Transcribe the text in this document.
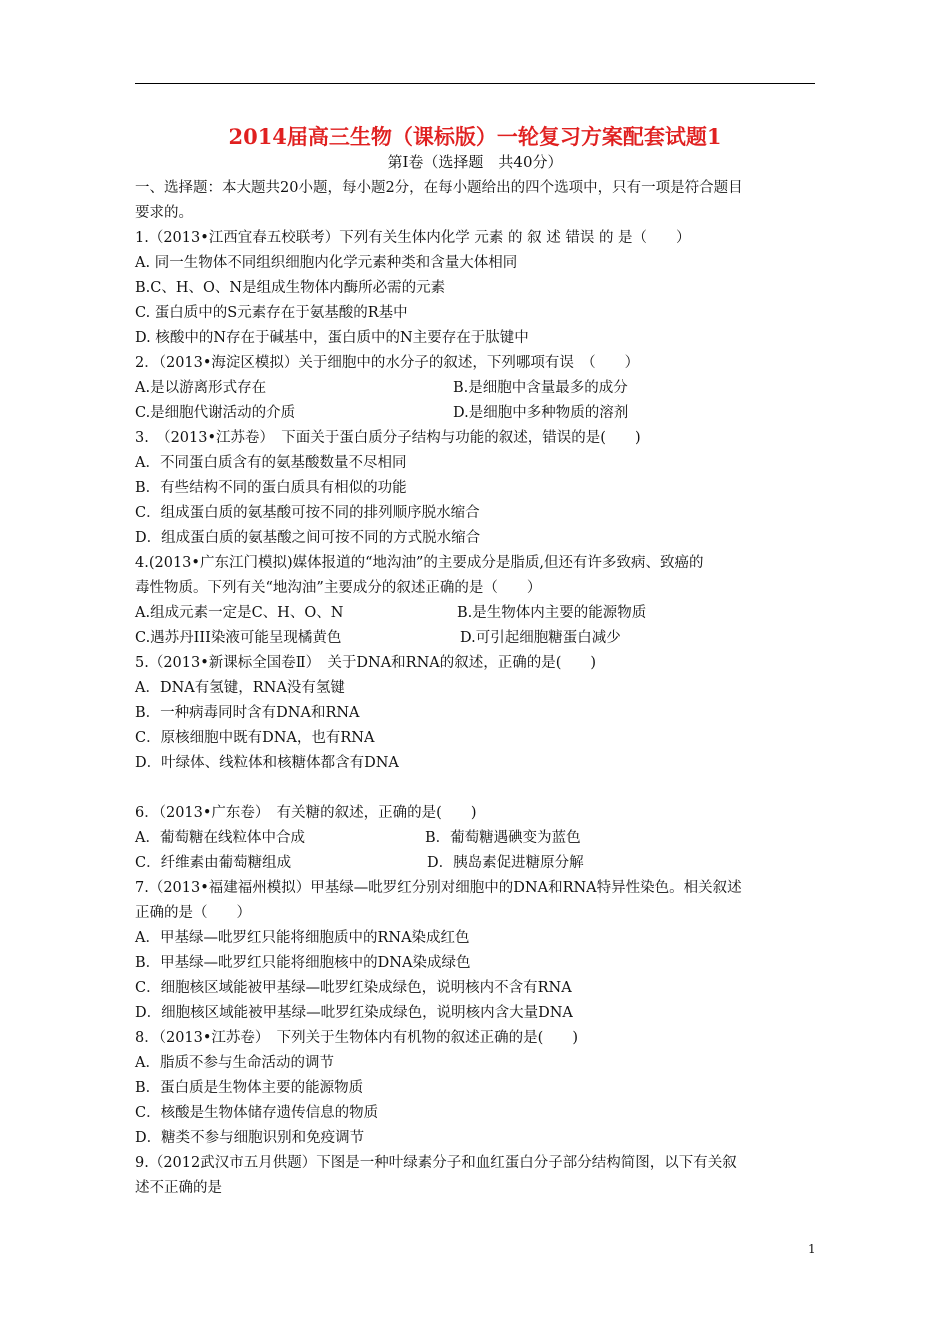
2014届高三生物（课标版）一轮复习方案配套试题1
第Ⅰ卷（选择题　共40分）
一、选择题：本大题共20小题，每小题2分，在每小题给出的四个选项中，只有一项是符合题目
要求的。
1.（2013•江西宜春五校联考）下列有关生体内化学 元素 的 叙 述 错误 的 是（　　）
A. 同一生物体不同组织细胞内化学元素种类和含量大体相同
B.C、H、O、N是组成生物体内酶所必需的元素
C. 蛋白质中的S元素存在于氨基酸的R基中
D. 核酸中的N存在于碱基中，蛋白质中的N主要存在于肽键中
2．（2013•海淀区模拟）关于细胞中的水分子的叙述，下列哪项有误　（　　）
A.是以游离形式存在	B.是细胞中含量最多的成分
C.是细胞代谢活动的介质	D.是细胞中多种物质的溶剂
3.　（2013•江苏卷）　下面关于蛋白质分子结构与功能的叙述，错误的是(　　)
A．不同蛋白质含有的氨基酸数量不尽相同
B．有些结构不同的蛋白质具有相似的功能
C．组成蛋白质的氨基酸可按不同的排列顺序脱水缩合
D．组成蛋白质的氨基酸之间可按不同的方式脱水缩合
4.(2013•广东江门模拟)媒体报道的“地沟油”的主要成分是脂质,但还有许多致病、致癌的
毒性物质。下列有关“地沟油”主要成分的叙述正确的是（　　）
A.组成元素一定是C、H、O、N	B.是生物体内主要的能源物质
C.遇苏丹III染液可能呈现橘黄色	D.可引起细胞糖蛋白减少
5.（2013•新课标全国卷Ⅱ）　关于DNA和RNA的叙述，正确的是(　　)
A．DNA有氢键，RNA没有氢键
B．一种病毒同时含有DNA和RNA
C．原核细胞中既有DNA，也有RNA
D．叶绿体、线粒体和核糖体都含有DNA
6．（2013•广东卷）　有关糖的叙述，正确的是(　　)
A．葡萄糖在线粒体中合成	B．葡萄糖遇碘变为蓝色
C．纤维素由葡萄糖组成	D．胰岛素促进糖原分解
7.（2013•福建福州模拟）甲基绿—吡罗红分别对细胞中的DNA和RNA特异性染色。相关叙述
正确的是（　　）
A．甲基绿—吡罗红只能将细胞质中的RNA染成红色
B．甲基绿—吡罗红只能将细胞核中的DNA染成绿色
C．细胞核区域能被甲基绿—吡罗红染成绿色，说明核内不含有RNA
D．细胞核区域能被甲基绿—吡罗红染成绿色，说明核内含大量DNA
8．（2013•江苏卷）　下列关于生物体内有机物的叙述正确的是(　　)
A．脂质不参与生命活动的调节
B．蛋白质是生物体主要的能源物质
C．核酸是生物体储存遗传信息的物质
D．糖类不参与细胞识别和免疫调节
9.（2012武汉市五月供题）下图是一种叶绿素分子和血红蛋白分子部分结构简图，以下有关叙
述不正确的是
1
